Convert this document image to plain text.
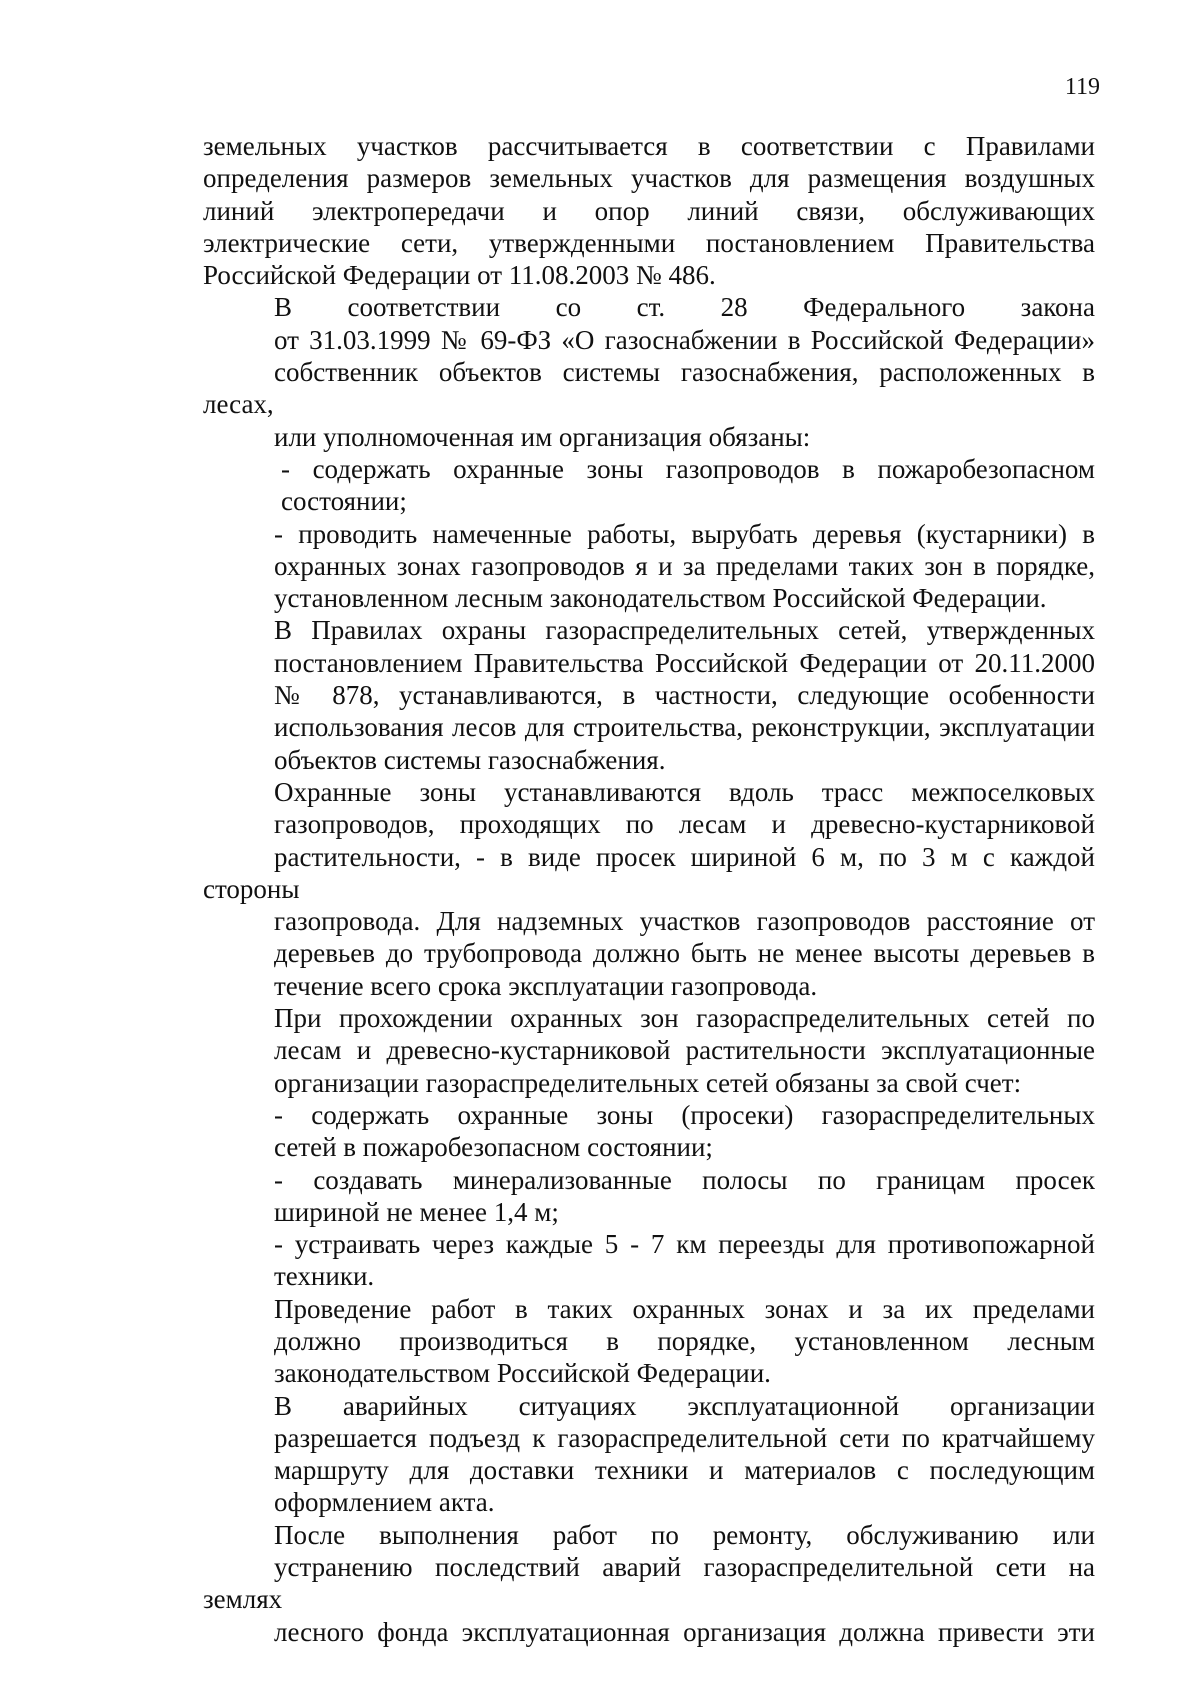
119

земельных участков рассчитывается в соответствии с Правилами
определения размеров земельных участков для размещения воздушных
линий электропередачи и опор линий связи, обслуживающих
электрические сети, утвержденными постановлением Правительства
Российской Федерации от 11.08.2003 № 486.

В соответствии со ст. 28 Федерального закона
от 31.03.1999 № 69-ФЗ «О газоснабжении в Российской Федерации»
собственник объектов системы газоснабжения, расположенных в лесах,
или уполномоченная им организация обязаны:

- содержать охранные зоны газопроводов в пожаробезопасном
состоянии;

- проводить намеченные работы, вырубать деревья (кустарники) в
охранных зонах газопроводов я и за пределами таких зон в порядке,
установленном лесным законодательством Российской Федерации.

В Правилах охраны газораспределительных сетей, утвержденных
постановлением Правительства Российской Федерации от 20.11.2000
№ 878, устанавливаются, в частности, следующие особенности
использования лесов для строительства, реконструкции, эксплуатации
объектов системы газоснабжения.

Охранные зоны устанавливаются вдоль трасс межпоселковых
газопроводов, проходящих по лесам и древесно-кустарниковой
растительности, - в виде просек шириной 6 м, по 3 м с каждой стороны
газопровода. Для надземных участков газопроводов расстояние от
деревьев до трубопровода должно быть не менее высоты деревьев в
течение всего срока эксплуатации газопровода.

При прохождении охранных зон газораспределительных сетей по
лесам и древесно-кустарниковой растительности эксплуатационные
организации газораспределительных сетей обязаны за свой счет:

- содержать охранные зоны (просеки) газораспределительных
сетей в пожаробезопасном состоянии;

- создавать минерализованные полосы по границам просек
шириной не менее 1,4 м;

- устраивать через каждые 5 - 7 км переезды для противопожарной
техники.

Проведение работ в таких охранных зонах и за их пределами
должно производиться в порядке, установленном лесным
законодательством Российской Федерации.

В аварийных ситуациях эксплуатационной организации
разрешается подъезд к газораспределительной сети по кратчайшему
маршруту для доставки техники и материалов с последующим
оформлением акта.

После выполнения работ по ремонту, обслуживанию или
устранению последствий аварий газораспределительной сети на землях
лесного фонда эксплуатационная организация должна привести эти
